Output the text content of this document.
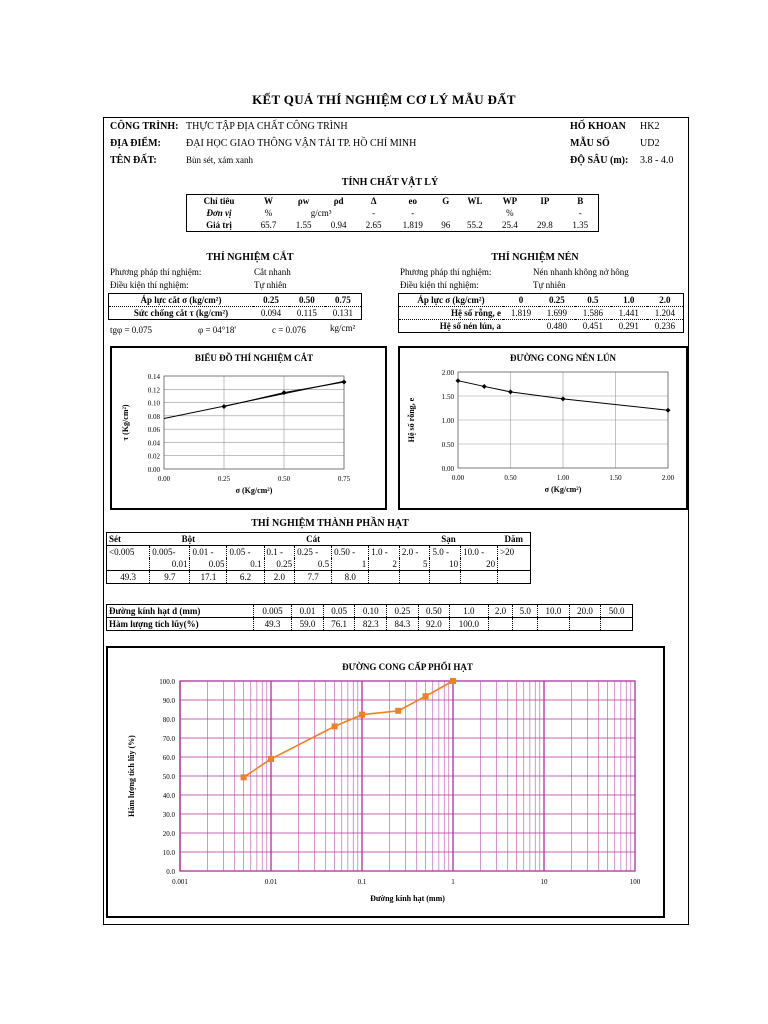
KẾT QUẢ THÍ NGHIỆM CƠ LÝ MẪU ĐẤT
CÔNG TRÌNH: THỰC TẬP ĐỊA CHẤT CÔNG TRÌNH
ĐỊA ĐIỂM:	ĐẠI HỌC GIAO THÔNG VẬN TẢI TP. HỒ CHÍ MINH
TÊN ĐẤT:	Bùn sét, xám xanh
HỐ KHOAN HK2
MẪU SỐ	UD2
ĐỘ SÂU (m): 3.8 - 4.0
TÍNH CHẤT VẬT LÝ
Chỉ tiêu	W	ρw	ρd	Δ	eo	G	WL	WP	IP	B
Đơn vị	%	g/cm³		-	-		%			-
Giá trị	65.7	1.55	0.94	2.65	1.819	96	55.2	25.4	29.8	1.35
THÍ NGHIỆM CẮT
Phương pháp thí nghiệm:	Cắt nhanh
Điều kiện thí nghiệm:	Tự nhiên
Áp lực cắt σ (kg/cm²)	0.25	0.50	0.75
Sức chống cắt τ (kg/cm²)	0.094	0.115	0.131
tgφ = 0.075	φ = 04°18'	c = 0.076	kg/cm²
THÍ NGHIỆM NÉN
Phương pháp thí nghiệm:	Nén nhanh không nở hông
Điều kiện thí nghiệm:	Tự nhiên
Áp lực σ (kg/cm²)	0	0.25	0.5	1.0	2.0
Hệ số rỗng, e	1.819	1.699	1.586	1.441	1.204
Hệ số nén lún, a		0.480	0.451	0.291	0.236
BIỂU ĐỒ THÍ NGHIỆM CẮT
0.00
0.02
0.04
0.06
0.08
0.10
0.12
0.14
0.00	0.25	0.50	0.75
σ (Kg/cm²)
τ (Kg/cm²)
ĐƯỜNG CONG NÉN LÚN
0.00
0.50
1.00
1.50
2.00
0.00	0.50	1.00	1.50	2.00
σ (Kg/cm²)
Hệ số rỗng, e
THÍ NGHIỆM THÀNH PHẦN HẠT
Sét	Bột		Cát					Sạn			Dăm
<0.005	0.005-	0.01 -	0.05 -	0.1 -	0.25 -	0.50 -	1.0 -	2.0 -	5.0 -	10.0 -	>20
	0.01	0.05	0.1	0.25	0.5	1	2	5	10	20	
49.3	9.7	17.1	6.2	2.0	7.7	8.0					
Đường kính hạt d (mm)	0.005	0.01	0.05	0.10	0.25	0.50	1.0	2.0	5.0	10.0	20.0	50.0
Hàm lượng tích lũy(%)	49.3	59.0	76.1	82.3	84.3	92.0	100.0					
ĐƯỜNG CONG CẤP PHỐI HẠT
0.0
10.0
20.0
30.0
40.0
50.0
60.0
70.0
80.0
90.0
100.0
0.001	0.01	0.1	1	10	100
Đường kính hạt (mm)
Hàm lượng tích lũy (%)
